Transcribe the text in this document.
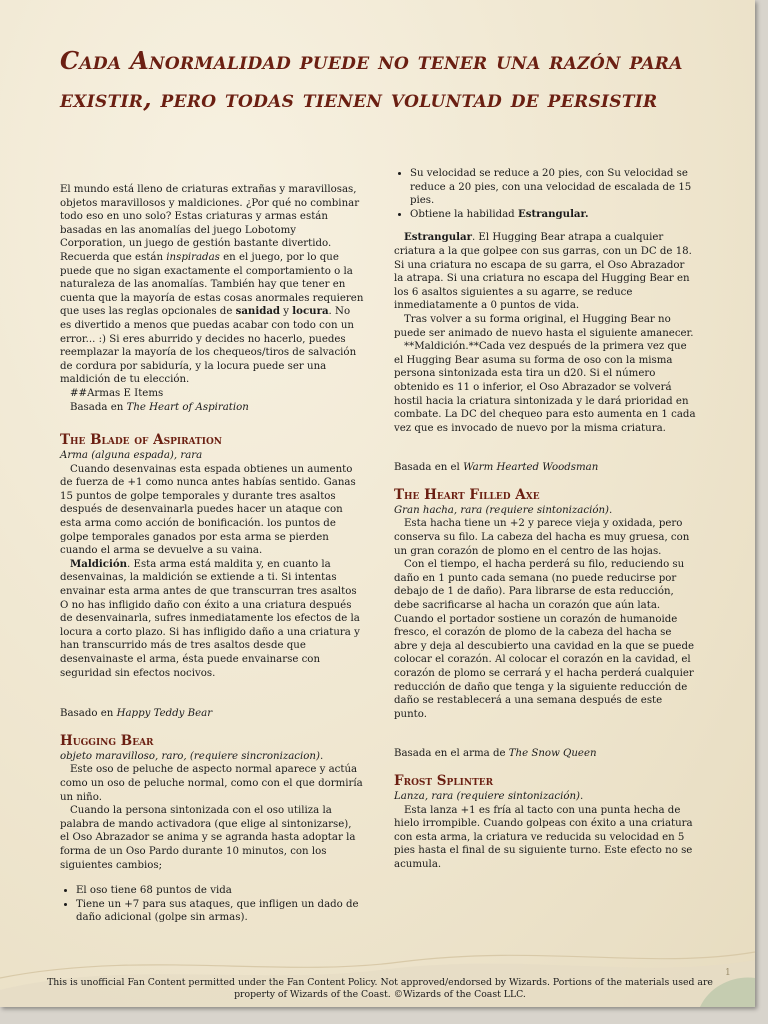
Cada Anormalidad puede no tener una razón para existir, pero todas tienen voluntad de persistir

El mundo está lleno de criaturas extrañas y maravillosas, objetos maravillosos y maldiciones. ¿Por qué no combinar todo eso en uno solo? Estas criaturas y armas están basadas en las anomalías del juego Lobotomy Corporation, un juego de gestión bastante divertido. Recuerda que están inspiradas en el juego, por lo que puede que no sigan exactamente el comportamiento o la naturaleza de las anomalías. También hay que tener en cuenta que la mayoría de estas cosas anormales requieren que uses las reglas opcionales de sanidad y locura. No es divertido a menos que puedas acabar con todo con un error... :) Si eres aburrido y decides no hacerlo, puedes reemplazar la mayoría de los chequeos/tiros de salvación de cordura por sabiduría, y la locura puede ser una maldición de tu elección.

##Armas E Items

Basada en The Heart of Aspiration

The Blade of Aspiration

Arma (alguna espada), rara

Cuando desenvainas esta espada obtienes un aumento de fuerza de +1 como nunca antes habías sentido. Ganas 15 puntos de golpe temporales y durante tres asaltos después de desenvainarla puedes hacer un ataque con esta arma como acción de bonificación. los puntos de golpe temporales ganados por esta arma se pierden cuando el arma se devuelve a su vaina.

Maldición. Esta arma está maldita y, en cuanto la desenvainas, la maldición se extiende a ti. Si intentas envainar esta arma antes de que transcurran tres asaltos O no has infligido daño con éxito a una criatura después de desenvainarla, sufres inmediatamente los efectos de la locura a corto plazo. Si has infligido daño a una criatura y han transcurrido más de tres asaltos desde que desenvainaste el arma, ésta puede envainarse con seguridad sin efectos nocivos.

Basado en Happy Teddy Bear

Hugging Bear

objeto maravilloso, raro, (requiere sincronizacion).

Este oso de peluche de aspecto normal aparece y actúa como un oso de peluche normal, como con el que dormiría un niño.

Cuando la persona sintonizada con el oso utiliza la palabra de mando activadora (que elige al sintonizarse), el Oso Abrazador se anima y se agranda hasta adoptar la forma de un Oso Pardo durante 10 minutos, con los siguientes cambios;

• El oso tiene 68 puntos de vida
• Tiene un +7 para sus ataques, que infligen un dado de daño adicional (golpe sin armas).
• Su velocidad se reduce a 20 pies, con Su velocidad se reduce a 20 pies, con una velocidad de escalada de 15 pies.
• Obtiene la habilidad Estrangular.

Estrangular. El Hugging Bear atrapa a cualquier criatura a la que golpee con sus garras, con un DC de 18. Si una criatura no escapa de su garra, el Oso Abrazador la atrapa. Si una criatura no escapa del Hugging Bear en los 6 asaltos siguientes a su agarre, se reduce inmediatamente a 0 puntos de vida.

Tras volver a su forma original, el Hugging Bear no puede ser animado de nuevo hasta el siguiente amanecer.

**Maldición.**Cada vez después de la primera vez que el Hugging Bear asuma su forma de oso con la misma persona sintonizada esta tira un d20. Si el número obtenido es 11 o inferior, el Oso Abrazador se volverá hostil hacia la criatura sintonizada y le dará prioridad en combate. La DC del chequeo para esto aumenta en 1 cada vez que es invocado de nuevo por la misma criatura.

Basada en el Warm Hearted Woodsman

The Heart Filled Axe

Gran hacha, rara (requiere sintonización).

Esta hacha tiene un +2 y parece vieja y oxidada, pero conserva su filo. La cabeza del hacha es muy gruesa, con un gran corazón de plomo en el centro de las hojas.

Con el tiempo, el hacha perderá su filo, reduciendo su daño en 1 punto cada semana (no puede reducirse por debajo de 1 de daño). Para librarse de esta reducción, debe sacrificarse al hacha un corazón que aún lata. Cuando el portador sostiene un corazón de humanoide fresco, el corazón de plomo de la cabeza del hacha se abre y deja al descubierto una cavidad en la que se puede colocar el corazón. Al colocar el corazón en la cavidad, el corazón de plomo se cerrará y el hacha perderá cualquier reducción de daño que tenga y la siguiente reducción de daño se restablecerá a una semana después de este punto.

Basada en el arma de The Snow Queen

Frost Splinter

Lanza, rara (requiere sintonización).

Esta lanza +1 es fría al tacto con una punta hecha de hielo irrompible. Cuando golpeas con éxito a una criatura con esta arma, la criatura ve reducida su velocidad en 5 pies hasta el final de su siguiente turno. Este efecto no se acumula.

This is unofficial Fan Content permitted under the Fan Content Policy. Not approved/endorsed by Wizards. Portions of the materials used are property of Wizards of the Coast. ©Wizards of the Coast LLC.
1
